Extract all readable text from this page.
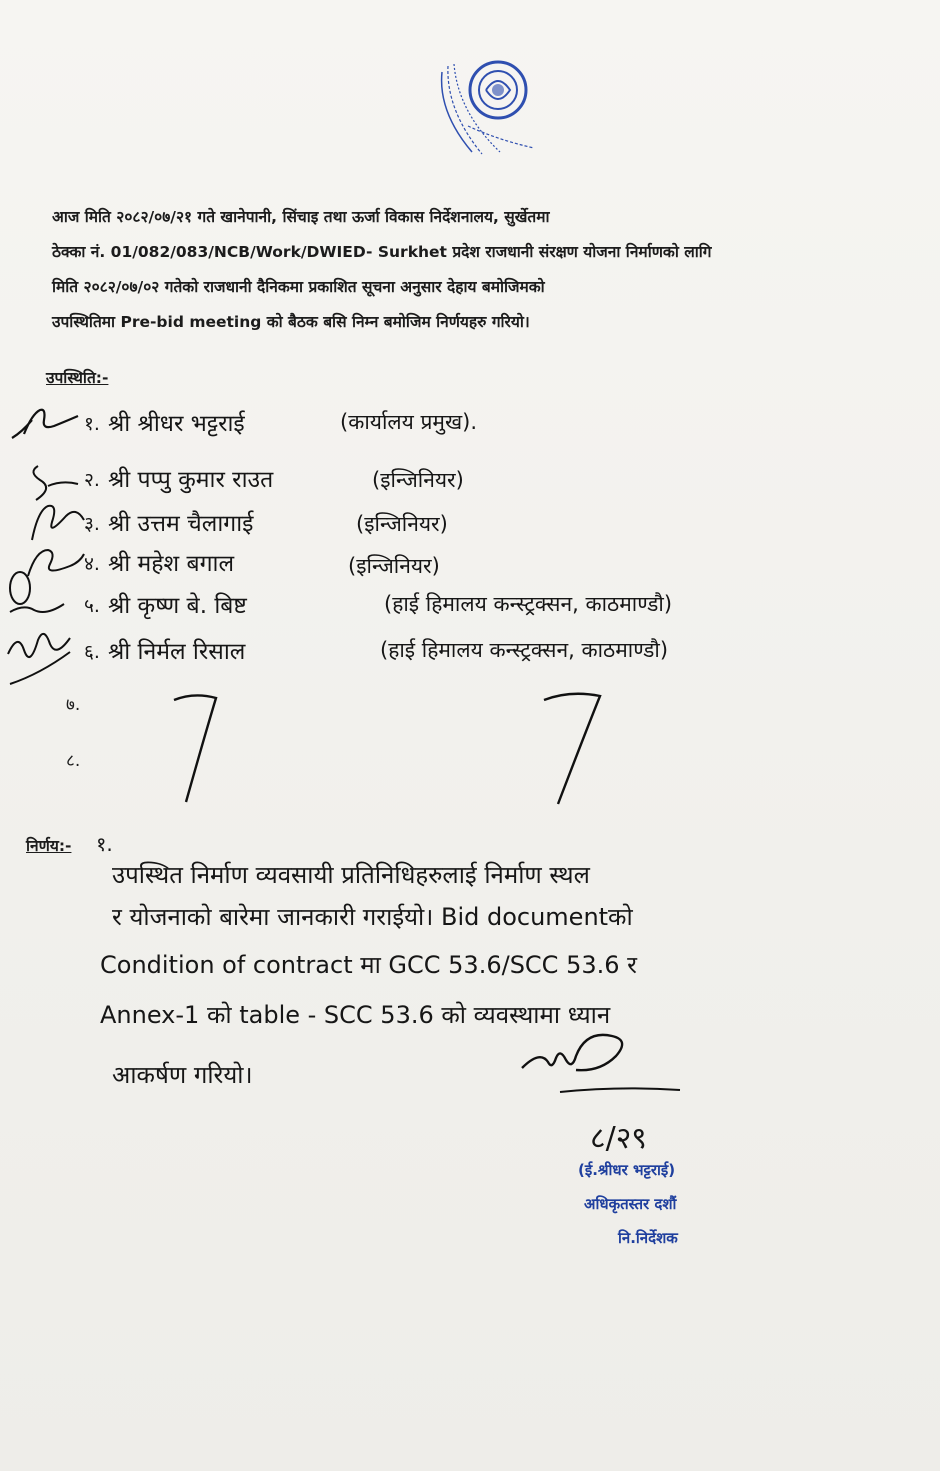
आज मिति २०८२/०७/२१ गते खानेपानी, सिंचाइ तथा ऊर्जा विकास निर्देशनालय, सुर्खेतमा
ठेक्का नं. 01/082/083/NCB/Work/DWIED- Surkhet प्रदेश राजधानी संरक्षण योजना निर्माणको लागि
मिति २०८२/०७/०२ गतेको राजधानी दैनिकमा प्रकाशित सूचना अनुसार देहाय बमोजिमको
उपस्थितिमा Pre-bid meeting को बैठक बसि निम्न बमोजिम निर्णयहरु गरियो।
उपस्थिति:-
१. श्री श्रीधर भट्टराई	(कार्यालय प्रमुख).
२. श्री पप्पु कुमार राउत	(इन्जिनियर)
३. श्री उत्तम चैलागाई	(इन्जिनियर)
४. श्री महेश बगाल	(इन्जिनियर)
५. श्री कृष्ण बे. बिष्ट	(हाई हिमालय कन्स्ट्रक्सन, काठमाण्डौ)
६. श्री निर्मल रिसाल	(हाई हिमालय कन्स्ट्रक्सन, काठमाण्डौ)
७.
८.
निर्णय:- १.
उपस्थित निर्माण व्यवसायी प्रतिनिधिहरुलाई निर्माण स्थल
र योजनाको बारेमा जानकारी गराईयो। Bid documentको
Condition of contract मा GCC 53.6/SCC 53.6 र
Annex-1 को table - SCC 53.6 को व्यवस्थामा ध्यान
आकर्षण गरियो।
८/२९
(ई.श्रीधर भट्टराई)
अधिकृतस्तर दशौं
नि.निर्देशक
